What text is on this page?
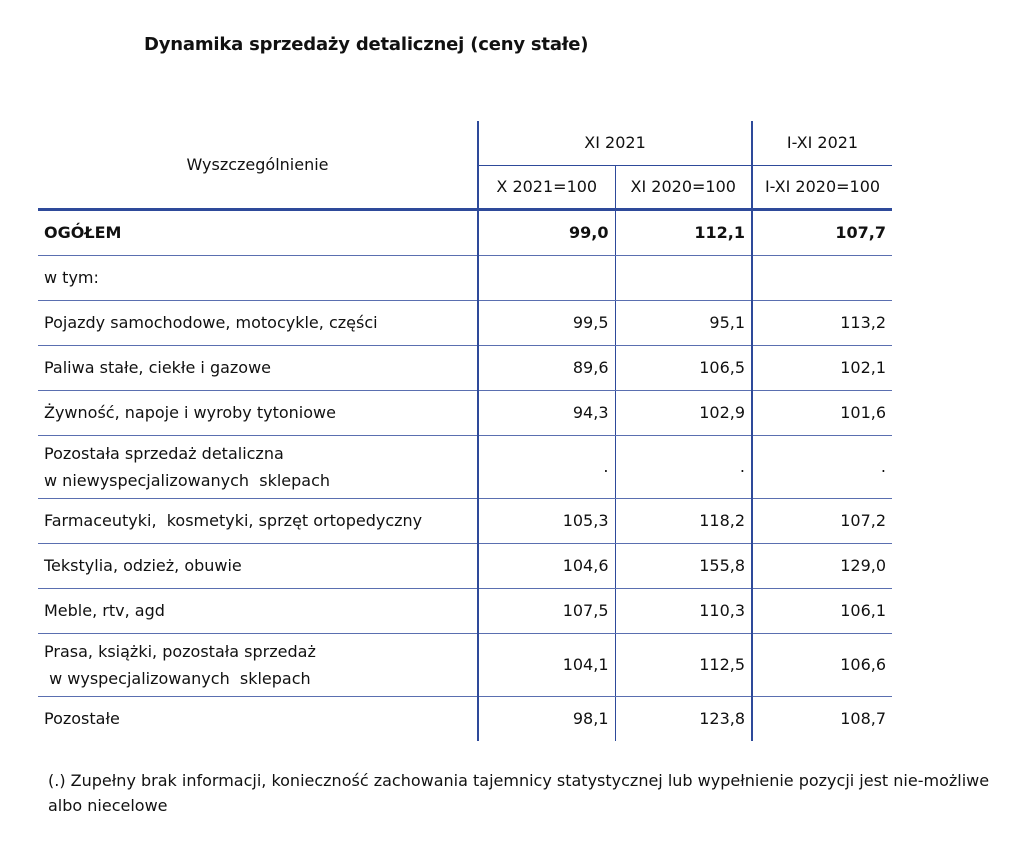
Dynamika sprzedaży detalicznej (ceny stałe)
Wyszczególnienie	XI 2021		I-XI 2021
	X 2021=100	XI 2020=100	I-XI 2020=100
OGÓŁEM	99,0	112,1	107,7
w tym:			
Pojazdy samochodowe, motocykle, części	99,5	95,1	113,2
Paliwa stałe, ciekłe i gazowe	89,6	106,5	102,1
Żywność, napoje i wyroby tytoniowe	94,3	102,9	101,6

Pozostała sprzedaż detaliczna
w niewyspecjalizowanych  sklepach	.	.	.
Farmaceutyki,  kosmetyki, sprzęt ortopedyczny	105,3	118,2	107,2
Tekstylia, odzież, obuwie	104,6	155,8	129,0
Meble, rtv, agd	107,5	110,3	106,1

Prasa, książki, pozostała sprzedaż
w wyspecjalizowanych  sklepach	104,1	112,5	106,6
Pozostałe	98,1	123,8	108,7
(.) Zupełny brak informacji, konieczność zachowania tajemnicy statystycznej lub wypełnienie pozycji jest nie-możliwe albo niecelowe
